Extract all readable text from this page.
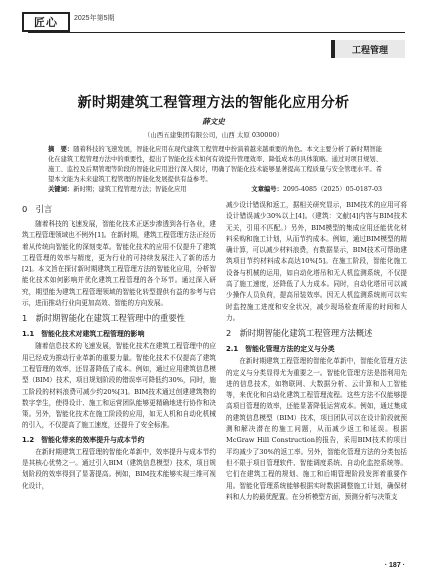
匠心 2025年第5期
工程管理
新时期建筑工程管理方法的智能化应用分析
薛文史
（山西五建集团有限公司，山西 太原 030000）
摘　要：随着科技的飞速发展，智能化应用在现代建筑工程管理中扮演着越来越重要的角色。本文主要分析了新时期智能化在建筑工程管理方法中的重要性，提出了智能化技术如何有效提升管理效率、降低成本的具体策略。通过对项目规划、施工、监控及后期管理等阶段的智能化应用进行深入探讨，明确了智能化技术能够显著提高工程质量与安全管理水平。希望本文能为未来建筑工程管理的智能化发展提供有益参考。
关键词：新时期；建筑工程管理方法；智能化应用	文章编号：2095-4085（2025）05-0187-03
0　引言

随着科技的飞速发展，智能化技术正逐步渗透到各行各业，建筑工程管理领域也不例外[1]。在新时期，建筑工程管理方法正经历着从传统向智能化的深刻变革。智能化技术的应用不仅提升了建筑工程管理的效率与精度，更为行业的可持续发展注入了新的活力[2]。本文旨在探讨新时期建筑工程管理方法的智能化应用，分析智能化技术如何影响并优化建筑工程管理的各个环节。通过深入研究，期望能为建筑工程管理领域的智能化转型提供有益的参考与启示，进而推动行业向更加高效、智能的方向发展。

1　新时期智能化在建筑工程管理中的重要性
1.1　智能化技术对建筑工程管理的影响

随着信息技术的飞速发展，智能化技术在建筑工程管理中的应用已经成为推动行业革新的重要力量。智能化技术不仅提高了建筑工程管理的效率，还显著降低了成本。例如，通过应用建筑信息模型（BIM）技术，项目规划阶段的错误率可降低约30%，同时，施工阶段的材料浪费可减少约20%[3]。BIM技术通过创建建筑物的数字孪生，使得设计、施工和运营团队能够更精确地进行协作和决策。另外，智能化技术在施工阶段的应用，如无人机和自动化机械的引入，不仅提高了施工速度，还提升了安全标准。

1.2　智能化带来的效率提升与成本节约

在新时期建筑工程管理的智能化革新中，效率提升与成本节约是其核心优势之一。通过引入BIM（建筑信息模型）技术，项目规划阶段的效率得到了显著提高。例如，BIM技术能够实现三维可视化设计，

减少设计错误和返工，据相关研究显示，BIM技术的应用可将设计错误减少30%以上[4]。（建筑：文献[4]内容与BIM技术无关，引用不匹配。）另外，BIM模型的集成应用还能优化材料采购和施工计划，从而节约成本。例如，通过BIM模型的精确计算，可以减少材料浪费，有数据显示，BIM技术可帮助建筑项目节约材料成本高达10%[5]。在施工阶段，智能化施工设备与机械的运用，如自动化塔吊和无人机监测系统，不仅提高了施工速度，还降低了人力成本。同时，自动化塔吊可以减少操作人员负荷，提高吊装效率。因无人机监测系统则可以实时监控施工进度和安全状况，减少现场检查所需的时间和人力。

2　新时期智能化建筑工程管理方法概述
2.1　智能化管理方法的定义与分类

在新时期建筑工程管理的智能化革新中，智能化管理方法的定义与分类显得尤为重要之一。智能化管理方法是指利用先进的信息技术，如物联网、大数据分析、云计算和人工智能等，来优化和自动化建筑工程管理流程。这些方法不仅能够提高项目管理的效率，还能显著降低运营成本。例如，通过集成的建筑信息模型（BIM）技术，项目团队可以在设计阶段就预测和解决潜在的施工问题，从而减少返工和延误。根据McGraw Hill Construction的报告，采用BIM技术的项目平均减少了30%的返工率。另外，智能化管理方法的分类包括但不限于项目管理软件、智能调度系统、自动化监控系统等。它们在建筑工程的规划、施工和后期管理阶段发挥着重要作用。智能化管理系统能够根据实时数据调整施工计划，确保材料和人力的最优配置。在分析模型方面，预测分析与决策支

· 187 ·
